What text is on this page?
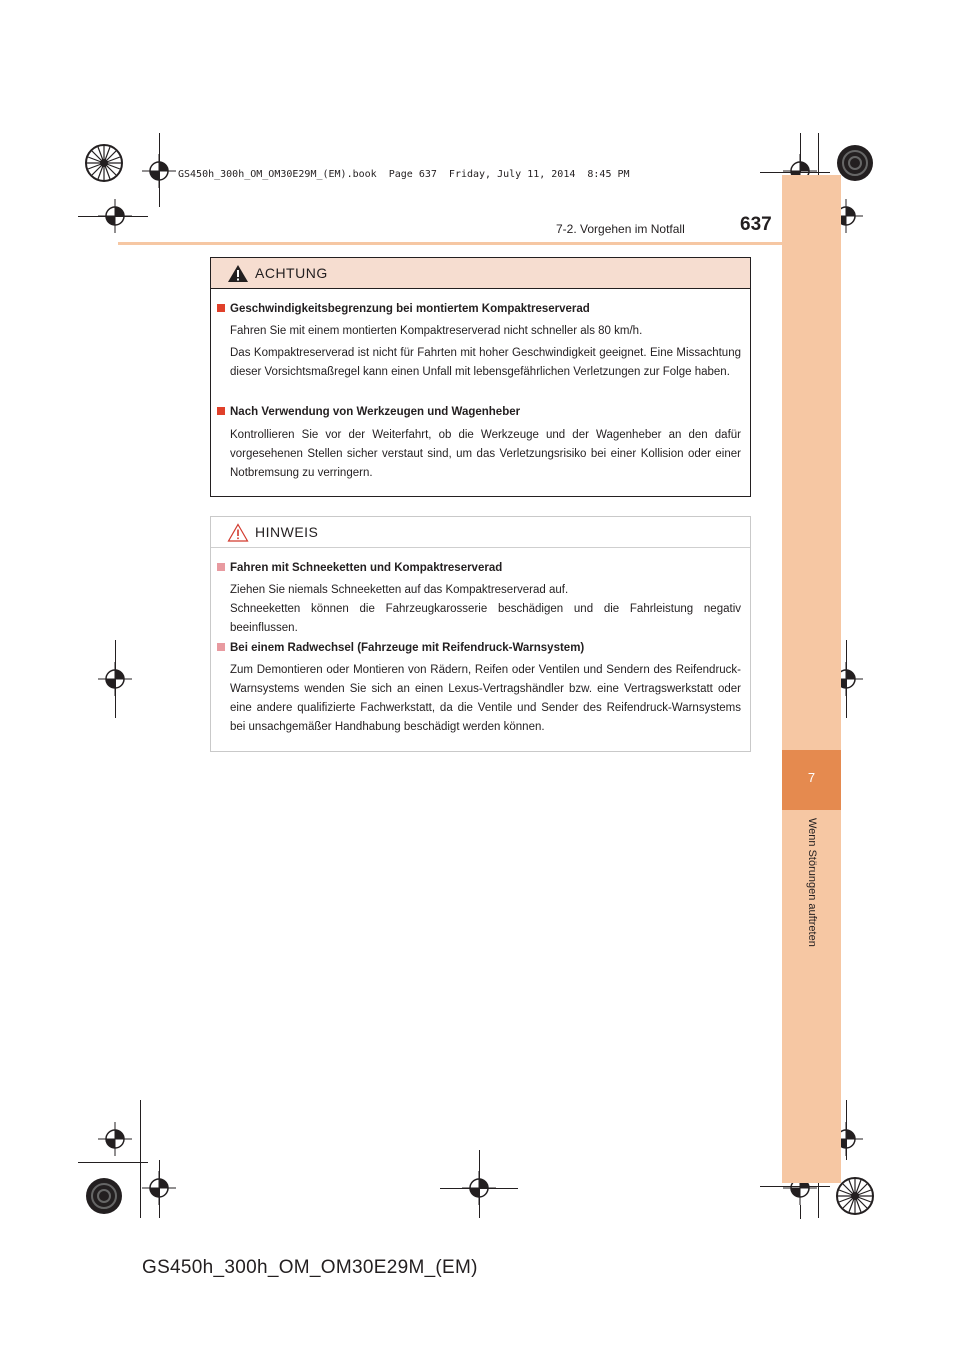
GS450h_300h_OM_OM30E29M_(EM).book  Page 637  Friday, July 11, 2014  8:45 PM
7
Wenn Störungen auftreten
7-2. Vorgehen im Notfall	637
ACHTUNG
Geschwindigkeitsbegrenzung bei montiertem Kompaktreserverad
Fahren Sie mit einem montierten Kompaktreserverad nicht schneller als 80 km/h.
Das Kompaktreserverad ist nicht für Fahrten mit hoher Geschwindigkeit geeignet. Eine Missachtung dieser Vorsichtsmaßregel kann einen Unfall mit lebensgefährlichen Verletzungen zur Folge haben.
Nach Verwendung von Werkzeugen und Wagenheber
Kontrollieren Sie vor der Weiterfahrt, ob die Werkzeuge und der Wagenheber an den dafür vorgesehenen Stellen sicher verstaut sind, um das Verletzungsrisiko bei einer Kollision oder einer Notbremsung zu verringern.
HINWEIS
Fahren mit Schneeketten und Kompaktreserverad
Ziehen Sie niemals Schneeketten auf das Kompaktreserverad auf.
Schneeketten können die Fahrzeugkarosserie beschädigen und die Fahrleistung negativ beeinflussen.
Bei einem Radwechsel (Fahrzeuge mit Reifendruck-Warnsystem)
Zum Demontieren oder Montieren von Rädern, Reifen oder Ventilen und Sendern des Reifendruck-Warnsystems wenden Sie sich an einen Lexus-Vertragshändler bzw. eine Vertragswerkstatt oder eine andere qualifizierte Fachwerkstatt, da die Ventile und Sender des Reifendruck-Warnsystems bei unsachgemäßer Handhabung beschädigt werden können.
GS450h_300h_OM_OM30E29M_(EM)
